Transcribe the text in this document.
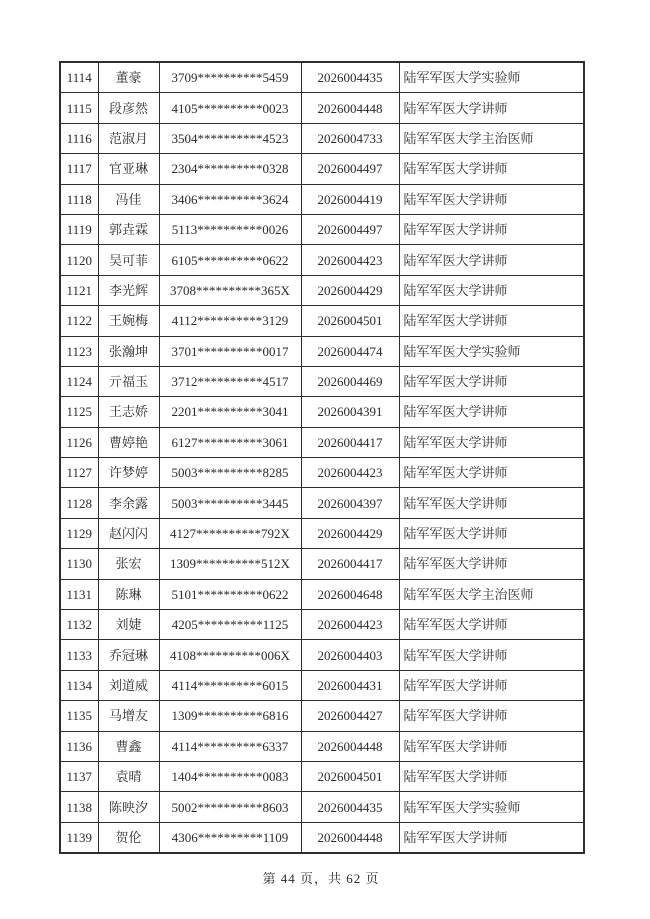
1114	董豪	3709**********5459	2026004435	陆军军医大学实验师
1115	段彦然	4105**********0023	2026004448	陆军军医大学讲师
1116	范淑月	3504**********4523	2026004733	陆军军医大学主治医师
1117	官亚琳	2304**********0328	2026004497	陆军军医大学讲师
1118	冯佳	3406**********3624	2026004419	陆军军医大学讲师
1119	郭垚霖	5113**********0026	2026004497	陆军军医大学讲师
1120	吴可菲	6105**********0622	2026004423	陆军军医大学讲师
1121	李光辉	3708**********365X	2026004429	陆军军医大学讲师
1122	王婉梅	4112**********3129	2026004501	陆军军医大学讲师
1123	张瀚坤	3701**********0017	2026004474	陆军军医大学实验师
1124	亓福玉	3712**********4517	2026004469	陆军军医大学讲师
1125	王志娇	2201**********3041	2026004391	陆军军医大学讲师
1126	曹婷艳	6127**********3061	2026004417	陆军军医大学讲师
1127	许梦婷	5003**********8285	2026004423	陆军军医大学讲师
1128	李余露	5003**********3445	2026004397	陆军军医大学讲师
1129	赵闪闪	4127**********792X	2026004429	陆军军医大学讲师
1130	张宏	1309**********512X	2026004417	陆军军医大学讲师
1131	陈琳	5101**********0622	2026004648	陆军军医大学主治医师
1132	刘婕	4205**********1125	2026004423	陆军军医大学讲师
1133	乔冠琳	4108**********006X	2026004403	陆军军医大学讲师
1134	刘道威	4114**********6015	2026004431	陆军军医大学讲师
1135	马增友	1309**********6816	2026004427	陆军军医大学讲师
1136	曹鑫	4114**********6337	2026004448	陆军军医大学讲师
1137	袁晴	1404**********0083	2026004501	陆军军医大学讲师
1138	陈映汐	5002**********8603	2026004435	陆军军医大学实验师
1139	贺伦	4306**********1109	2026004448	陆军军医大学讲师
第 44 页，共 62 页
